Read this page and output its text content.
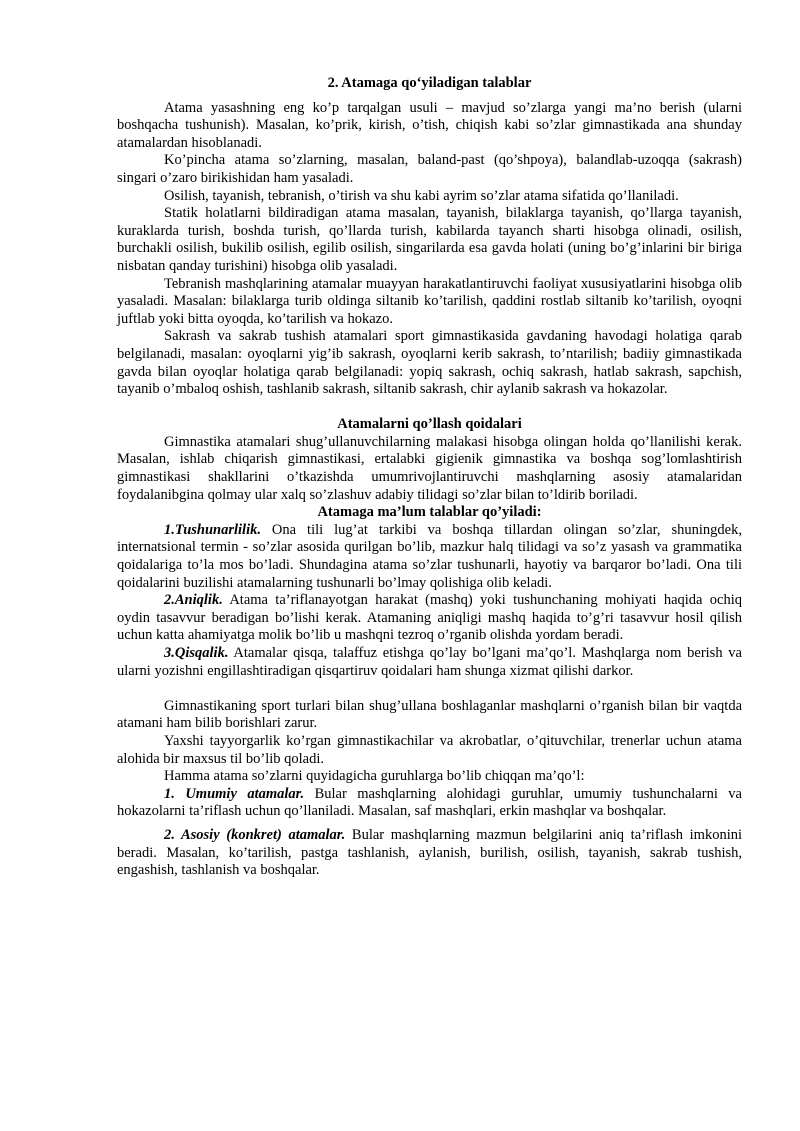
2. Atamaga qo‘yiladigan talablar

Atama yasashning eng ko’p tarqalgan usuli – mavjud so’zlarga yangi ma’no berish (ularni boshqacha tushunish). Masalan, ko’prik, kirish, o’tish, chiqish kabi so’zlar gimnastikada ana shunday atamalardan hisoblanadi.

Ko’pincha atama so’zlarning, masalan, baland-past (qo’shpoya), balandlab-uzoqqa (sakrash) singari o’zaro birikishidan ham yasaladi.

Osilish, tayanish, tebranish, o’tirish va shu kabi ayrim so’zlar atama sifatida qo’llaniladi.

Statik holatlarni bildiradigan atama masalan, tayanish, bilaklarga tayanish, qo’llarga tayanish, kuraklarda turish, boshda turish, qo’llarda turish, kabilarda tayanch sharti hisobga olinadi, osilish, burchakli osilish, bukilib osilish, egilib osilish, singarilarda esa gavda holati (uning bo’g’inlarini bir biriga nisbatan qanday turishini) hisobga olib yasaladi.

Tebranish mashqlarining atamalar muayyan harakatlantiruvchi faoliyat xususiyatlarini hisobga olib yasaladi. Masalan: bilaklarga turib oldinga siltanib ko’tarilish, qaddini rostlab siltanib ko’tarilish, oyoqni juftlab yoki bitta oyoqda, ko’tarilish va hokazo.

Sakrash va sakrab tushish atamalari sport gimnastikasida gavdaning havodagi holatiga qarab belgilanadi, masalan: oyoqlarni yig’ib sakrash, oyoqlarni kerib sakrash, to’ntarilish; badiiy gimnastikada gavda bilan oyoqlar holatiga qarab belgilanadi: yopiq sakrash, ochiq sakrash, hatlab sakrash, sapchish, tayanib o’mbaloq oshish, tashlanib sakrash, siltanib sakrash, chir aylanib sakrash va hokazolar.

Atamalarni qo’llash qoidalari

Gimnastika atamalari shug’ullanuvchilarning malakasi hisobga olingan holda qo’llanilishi kerak. Masalan, ishlab chiqarish gimnastikasi, ertalabki gigienik gimnastika va boshqa sog’lomlashtirish gimnastikasi shakllarini o’tkazishda umumrivojlantiruvchi mashqlarning asosiy atamalaridan foydalanibgina qolmay ular xalq so’zlashuv adabiy tilidagi so’zlar bilan to’ldirib boriladi.

Atamaga ma’lum talablar qo’yiladi:

1.Tushunarlilik. Ona tili lug’at tarkibi va boshqa tillardan olingan so’zlar, shuningdek, internatsional termin - so’zlar asosida qurilgan bo’lib, mazkur halq tilidagi va so’z yasash va grammatika qoidalariga to’la mos bo’ladi. Shundagina atama so’zlar tushunarli, hayotiy va barqaror bo’ladi. Ona tili qoidalarini buzilishi atamalarning tushunarli bo’lmay qolishiga olib keladi.

2.Aniqlik. Atama ta’riflanayotgan harakat (mashq) yoki tushunchaning mohiyati haqida ochiq oydin tasavvur beradigan bo’lishi kerak. Atamaning aniqligi mashq haqida to’g’ri tasavvur hosil qilish uchun katta ahamiyatga molik bo’lib u mashqni tezroq o’rganib olishda yordam beradi.

3.Qisqalik. Atamalar qisqa, talaffuz etishga qo’lay bo’lgani ma’qo’l. Mashqlarga nom berish va ularni yozishni engillashtiradigan qisqartiruv qoidalari ham shunga xizmat qilishi darkor.

Gimnastikaning sport turlari bilan shug’ullana boshlaganlar mashqlarni o’rganish bilan bir vaqtda atamani ham bilib borishlari zarur.

Yaxshi tayyorgarlik ko’rgan gimnastikachilar va akrobatlar, o’qituvchilar, trenerlar uchun atama alohida bir maxsus til bo’lib qoladi.

Hamma atama so’zlarni quyidagicha guruhlarga bo’lib chiqqan ma’qo’l:

1. Umumiy atamalar. Bular mashqlarning alohidagi guruhlar, umumiy tushunchalarni va hokazolarni ta’riflash uchun qo’llaniladi. Masalan, saf mashqlari, erkin mashqlar va boshqalar.

2. Asosiy (konkret) atamalar. Bular mashqlarning mazmun belgilarini aniq ta’riflash imkonini beradi. Masalan, ko’tarilish, pastga tashlanish, aylanish, burilish, osilish, tayanish, sakrab tushish, engashish, tashlanish va boshqalar.
